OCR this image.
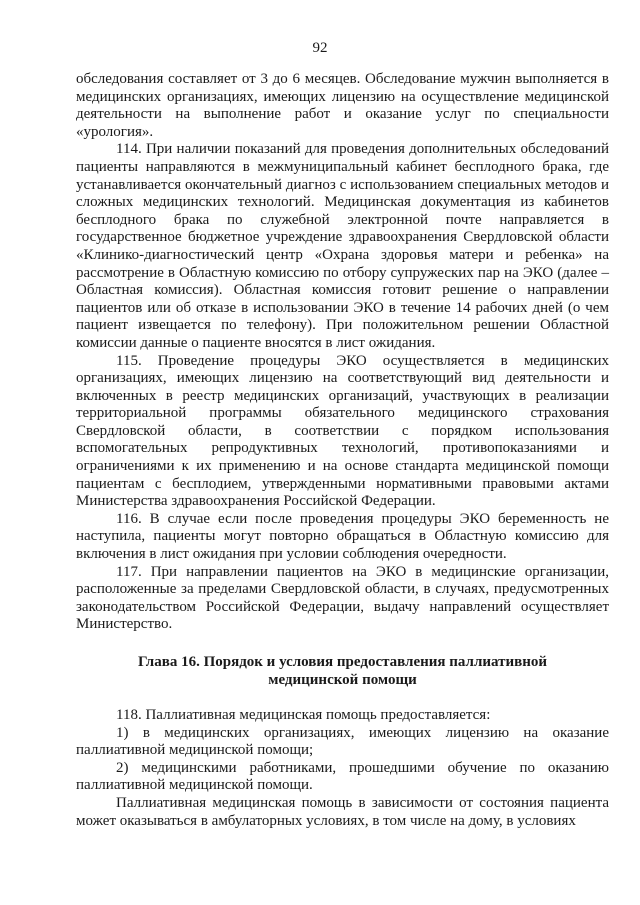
92

обследования составляет от 3 до 6 месяцев. Обследование мужчин выполняется в медицинских организациях, имеющих лицензию на осуществление медицинской деятельности на выполнение работ и оказание услуг по специальности «урология».

114. При наличии показаний для проведения дополнительных обследований пациенты направляются в межмуниципальный кабинет бесплодного брака, где устанавливается окончательный диагноз с использованием специальных методов и сложных медицинских технологий. Медицинская документация из кабинетов бесплодного брака по служебной электронной почте направляется в государственное бюджетное учреждение здравоохранения Свердловской области «Клинико-диагностический центр «Охрана здоровья матери и ребенка» на рассмотрение в Областную комиссию по отбору супружеских пар на ЭКО (далее – Областная комиссия). Областная комиссия готовит решение о направлении пациентов или об отказе в использовании ЭКО в течение 14 рабочих дней (о чем пациент извещается по телефону). При положительном решении Областной комиссии данные о пациенте вносятся в лист ожидания.

115. Проведение процедуры ЭКО осуществляется в медицинских организациях, имеющих лицензию на соответствующий вид деятельности и включенных в реестр медицинских организаций, участвующих в реализации территориальной программы обязательного медицинского страхования Свердловской области, в соответствии с порядком использования вспомогательных репродуктивных технологий, противопоказаниями и ограничениями к их применению и на основе стандарта медицинской помощи пациентам с бесплодием, утвержденными нормативными правовыми актами Министерства здравоохранения Российской Федерации.

116. В случае если после проведения процедуры ЭКО беременность не наступила, пациенты могут повторно обращаться в Областную комиссию для включения в лист ожидания при условии соблюдения очередности.

117. При направлении пациентов на ЭКО в медицинские организации, расположенные за пределами Свердловской области, в случаях, предусмотренных законодательством Российской Федерации, выдачу направлений осуществляет Министерство.

Глава 16. Порядок и условия предоставления паллиативной
медицинской помощи

118. Паллиативная медицинская помощь предоставляется:

1) в медицинских организациях, имеющих лицензию на оказание паллиативной медицинской помощи;

2) медицинскими работниками, прошедшими обучение по оказанию паллиативной медицинской помощи.

Паллиативная медицинская помощь в зависимости от состояния пациента может оказываться в амбулаторных условиях, в том числе на дому, в условиях
